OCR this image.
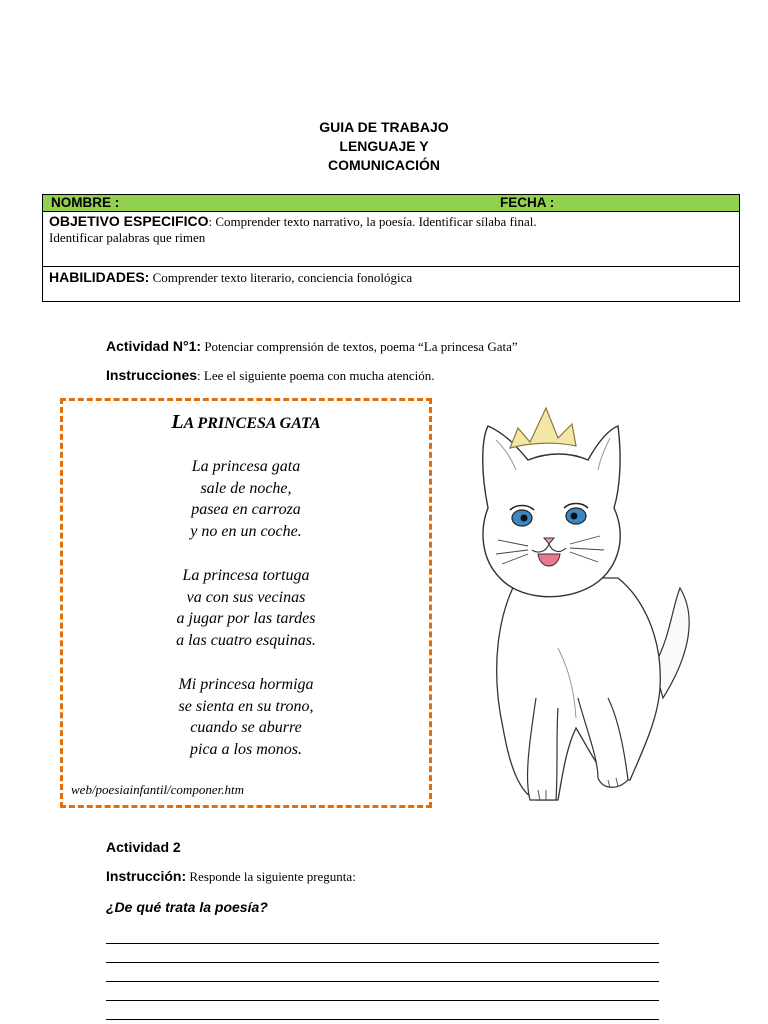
GUIA DE TRABAJO
LENGUAJE Y
COMUNICACIÓN
NOMBRE :	FECHA :
OBJETIVO ESPECIFICO: Comprender texto narrativo, la poesía. Identificar sílaba final.
Identificar palabras que rimen
HABILIDADES: Comprender texto literario, conciencia fonológica
Actividad N°1: Potenciar comprensión de textos, poema “La princesa Gata”
Instrucciones: Lee el siguiente poema con mucha atención.
LA PRINCESA GATA
La princesa gata
sale de noche,
pasea en carroza
y no en un coche.
La princesa tortuga
va con sus vecinas
a jugar por las tardes
a las cuatro esquinas.
Mi princesa hormiga
se sienta en su trono,
cuando se aburre
pica a los monos.
web/poesiainfantil/componer.htm
Actividad 2
Instrucción: Responde la siguiente pregunta:
¿De qué trata la poesía?
